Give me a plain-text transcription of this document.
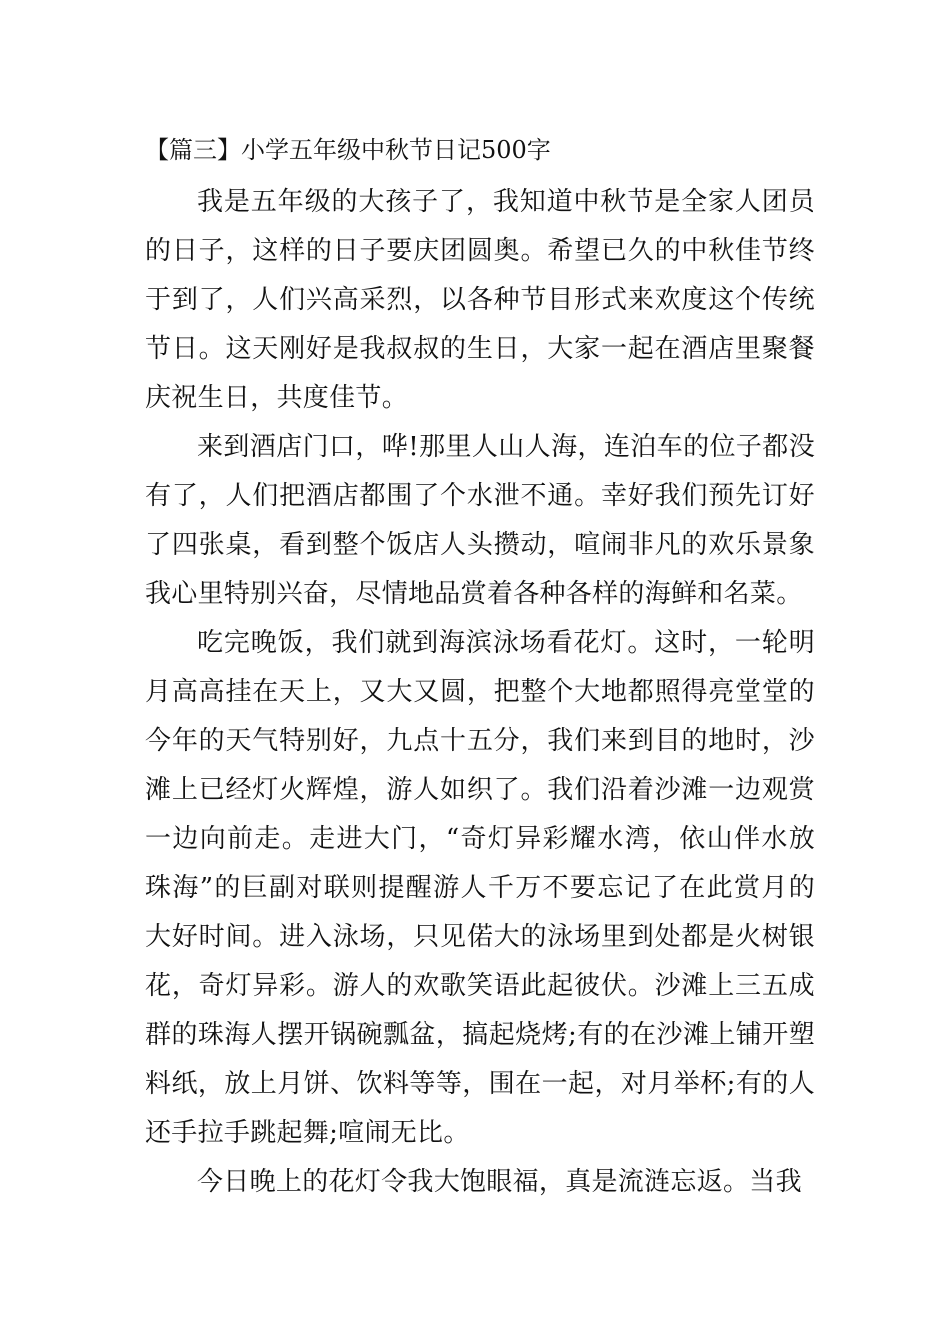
【篇三】小学五年级中秋节日记500字

我是五年级的大孩子了，我知道中秋节是全家人团员的日子，这样的日子要庆团圆奥。希望已久的中秋佳节终于到了，人们兴高采烈，以各种节目形式来欢度这个传统节日。这天刚好是我叔叔的生日，大家一起在酒店里聚餐庆祝生日，共度佳节。

来到酒店门口，哗!那里人山人海，连泊车的位子都没有了，人们把酒店都围了个水泄不通。幸好我们预先订好了四张桌，看到整个饭店人头攒动，喧闹非凡的欢乐景象我心里特别兴奋，尽情地品赏着各种各样的海鲜和名菜。

吃完晚饭，我们就到海滨泳场看花灯。这时，一轮明月高高挂在天上，又大又圆，把整个大地都照得亮堂堂的今年的天气特别好，九点十五分，我们来到目的地时，沙滩上已经灯火辉煌，游人如织了。我们沿着沙滩一边观赏一边向前走。走进大门，“奇灯异彩耀水湾，依山伴水放珠海”的巨副对联则提醒游人千万不要忘记了在此赏月的大好时间。进入泳场，只见偌大的泳场里到处都是火树银花，奇灯异彩。游人的欢歌笑语此起彼伏。沙滩上三五成群的珠海人摆开锅碗瓢盆，搞起烧烤;有的在沙滩上铺开塑料纸，放上月饼、饮料等等，围在一起，对月举杯;有的人还手拉手跳起舞;喧闹无比。

今日晚上的花灯令我大饱眼福，真是流涟忘返。当我
